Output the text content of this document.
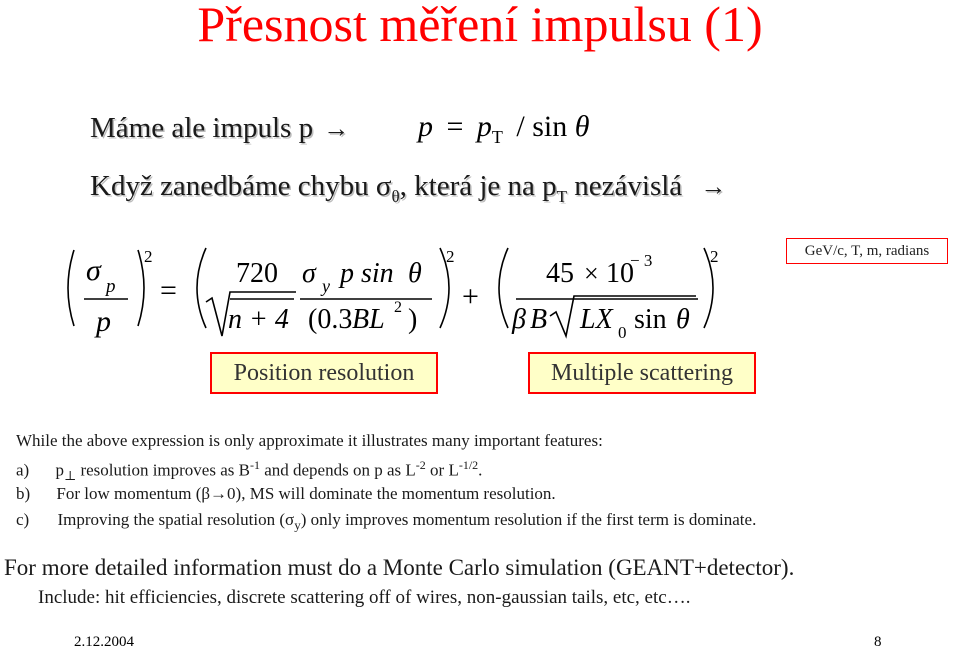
Přesnost měření impulsu (1)
Máme ale impuls $p \to p = p_T / \sin \theta$
Když zanedbáme chybu $\sigma_\theta$, která je na $p_T$ nezávislá →
σ p
p
2
=
720
n + 4
σ y p sin θ
(0.3 BL 2 )
2
+
45 × 10
− 3
β B LX 0 sin θ
2	GeV/c, T, m, radians
Position resolution	Multiple scattering
While the above expression is only approximate it illustrates many important features:
a) $p_\perp$ resolution improves as $B^{-1}$ and depends on p as $L^{-2}$ or $L^{-1/2}$.
b) For low momentum (β→0), MS will dominate the momentum resolution.
c) Improving the spatial resolution $(\sigma_y)$ only improves momentum resolution if the first term is dominate.
For more detailed information must do a Monte Carlo simulation (GEANT+detector).
Include: hit efficiencies, discrete scattering off of wires, non-gaussian tails, etc, etc….
2.12.2004	8
